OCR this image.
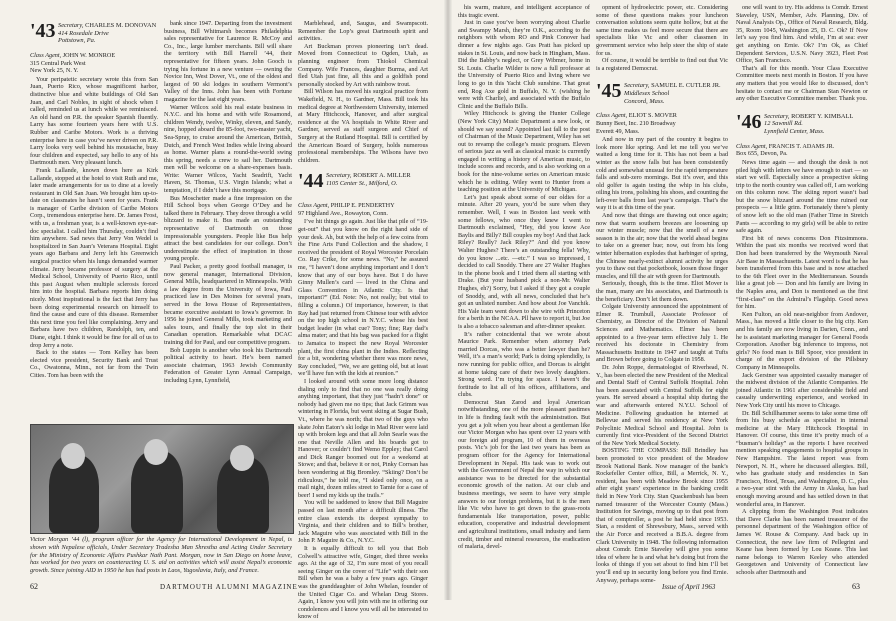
'43 Secretary, CHARLES M. DONOVAN
414 Rosedale Drive
Pottstown, Pa.
Class Agent, JOHN W. MONROE
315 Central Park West
New York 25, N. Y.

Your peripatetic secretary wrote this from San Juan, Puerto Rico, whose magnificent harbor, distinctive blue and white buildings of Old San Juan, and Carl Nobles, in sight of shock when I called, reminded us at lunch while we reminisced. An old hand on P.R. the speaker Spanish fluently. Larry has some fourteen years here with U.S. Rubber and Caribe Motors. Work is a thriving enterprise here in case you’ve never driven on P.R. Larry looks very well behind his moustache, busy four children and expected, say hello to any of his Dartmouth men. Very pleasant lunch.

Frank Lallande, known down here as Kirk Lallande, stopped at the hotel to visit Ruth and me, later made arrangements for us to dine at a lovely restaurant in Old San Juan. We brought him up-to-date on classmates he hasn’t seen for years. Frank is manager of Caribe division of Caribe Motors Corp., tremendous enterprise here. Dr. James Frost, with us, a freshman year, is a well-known eye-ear-doc specialist. I called him Thursday, couldn’t find him anywhere. Sad news that Jerry Von Wedel is hospitalized in San Juan’s Veterans Hospital. Eight years ago Barbara and Jerry left his Greenwich surgical practice when his lungs demanded warmer climate. Jerry became professor of surgery at the Medical School, University of Puerto Rico, until this past August when multiple sclerosis forced him into the hospital. Barbara reports him doing nicely. Most inspirational is the fact that Jerry has been doing experimental research on himself to find the cause and cure of this disease. Remember this next time you feel like complaining. Jerry and Barbara have two children, Randolph, ten, and Diane, eight. I think it would be fine for all of us to drop Jerry a note.

Back to the states — Tom Kelley has been elected vice president, Security Bank and Trust Co., Owatonna, Minn., not far from the Twin Cities. Tom has been with the

bank since 1947. Departing from the investment business, Bill Whitmarsh becomes Philadelphia sales representative for Laurence R. McCoy and Co., Inc., large lumber merchants. Bill will share the territory with Bill Harrell ’44, their representative for fifteen years. John Gooch is trying his fortune in a new venture — owning the Novice Inn, West Dover, Vt., one of the oldest and largest of 90 ski lodges in southern Vermont’s Valley of the Inns. John has been with Fortune magazine for the last eight years.

Warner Wilcox sold his real estate business in N.Y.C. and his home and with wife Rosamond, children Wendy, twelve, Winky, eleven, and Sandy, nine, hopped aboard the 85-foot, two-master yacht, Sea-Spray, to cruise around the American, British, Dutch, and French West Indies while living aboard as home. Warner plans a round-the-world swing this spring, needs a crew to sail her. Dartmouth men will be welcome on a share-expenses basis. Write: Warner Wilcox, Yacht Seadrift, Yacht Haven, St. Thomas, U.S. Virgin Islands; what a temptation, if I didn’t have this mortgage.

Bus Moschetter made a fine impression on the Hill School boys when George O’Dey and he talked there in February. They drove through a wild blizzard to make it. Bus made an outstanding representative of Dartmouth on those impressionable youngsters. People like Bus help attract the best candidates for our college. Don’t underestimate the effect of inspiration in those young people.

Paul Packer, a pretty good football manager, is now general manager, International Division, General Mills, headquartered in Minneapolis. With a law degree from the University of Iowa, Paul practiced law in Des Moines for several years, served in the Iowa House of Representatives, became executive assistant to Iowa’s governor. In 1956 he joined General Mills, took marketing and sales tours, and finally the top slot in their Canadian operation. Remarkable what DCAC training did for Paul, and our competitive program.

Bob Luppin is another who took his Dartmouth political activity to heart. He’s been named associate chairman, 1963 Jewish Community Federation of Greater Lynn Annual Campaign, including Lynn, Lynnfield,

Marblehead, and, Saugus, and Swampscott. Remember the Lop’s great Dartmouth spirit and activities.

Art Buckman proves pioneering isn’t dead. Moved from Connecticut to Ogden, Utah, as planning engineer from Thiokol Chemical Company. Wife Frances, daughter Burma, and Art fled Utah just fine, all this and a goldfish pond personally stocked by Art with rainbow trout.

Bill Wilson has moved his surgical practice from Wakefield, N. H., to Gardner, Mass. Bill took his medical degree at Northwestern University, interned at Mary Hitchcock, Hanover, and after surgical residence at the VA hospitals in White River and Gardner, served as staff surgeon and Chief of Surgery at the Rutland Hospital. Bill is certified by the American Board of Surgery, holds numerous professional memberships. The Wilsons have two children.

'44 Secretary, ROBERT A. MILLER
1105 Center St., Milford, O.
Class Agent, PHILIP E. PENDERTHY
97 Highland Ave., Rowayton, Conn.

I’ve hit things go again. Just like that pile of “19-get-out” that you know on the right hand side of your desk. Ah, but with the help of a few coins from the Fine Arts Fund Collection and the shadow, I received the president of Royal Worcester Porcelain Co. Ray Crike, for some news. “No,” he assured me, “I haven’t done anything important and I don’t know that any of our boys have. But I do have Ginny Mullen’s card — lived in the China and Glass Convention in Atlantic City. Is that important?” (Ed. Note: No, not really; but vital to filling a column.) Of importance, however, is that Ray had just returned from Chinese tour with advice on the top high school in N.Y.C. whose his best budget leader (in what cue? Tony; fine; Ray dad’s alma mater; and that his bag was packed for a flight to Jamaica to inspect the new Royal Worcester plant, the first china plant in the Indies. Reflecting for a bit, wondering whether there was more news, Ray concluded, “We, we are getting old, but at least we’ll have fun with the kids at reunion.”

I looked around with some more long distance dialing only to find that no one was really doing anything important, that they just “hadn’t done” or nobody had given me no tips; that Jack Grimm was wintering in Florida, but went skiing at Sugar Bush, Vt., where he was north; that two of the guys who skate John Eaton’s ski lodge in Mad River were laid up with broken legs and that all John Searle was the one that Neville Allen and his boards got to Hanover; or couldn’t find Wemo Eppley; that Carol and Dick Ranger boomed out for a weekend at Stowe; and that, believe it or not, Pinky Corrsan has been wondering at Big Bromley. “Skiing? Don’t be ridiculous,” he told me, “I skied only once, on a mail night, dozen miles street to Tamie for a case of beer! I send my kids up the trails.”

You will be saddened to know that Bill Maguire passed on last month after a difficult illness. The entire class extends its deepest sympathy to Virginia, and their children and to Bill’s brother, Jack Maguire who was associated with Bill in the John P. Maguire & Co., N.Y.C.

It is equally difficult to tell you that Bob Colwell’s attractive wife, Ginger, died three weeks ago. At the age of 32, I’m sure most of you recall seeing Ginger on the cover of “Life” with their son Bill when he was a baby a few years ago. Ginger was the granddaughter of John Whelan, founder of the United Cigar Co. and Whelan Drug Stores. Again, I know you will join with me in offering our condolences and I know you will all be interested to know of

Victor Morgan ’44 (l), program officer for the Agency for International Development in Nepal, is shown with Nepalese officials, Under Secretary Tradesha Man Shrestha and Acting Under Secretary for the Ministry of Economic Affairs Pushkar Nath Pant. Morgan, now in San Diego on home leave, has worked for two years on counteracting U. S. aid on activities which will assist Nepal’s economic growth. Since joining AID in 1950 he has had posts in Laos, Yugoslavia, Italy, and France.
62	DARTMOUTH ALUMNI MAGAZINE

his warm, mature, and intelligent acceptance of this tragic event.

Just in case you’ve been worrying about Charlie and Swampy Marsh, they’re O.K., according to the neighbors with whom RO and Pink Conover had dinner a few nights ago. Gus Pratt has picked up stakes in St. Louis, and now back in Hingham, Mass. Did the Babby’s neglect, or Grey Wibmer, home in St. Louis. Charlie Wilder is now a full professor at the University of Puerto Rico and living where we long to go in this Yacht Club sunshine. That great end, Rog Axe gold in Buffalo, N. Y. (wishing he were with Charlie), and associated with the Buffalo Clinic and the Buffalo Bills.

Wiley Hitchcock is giving the Hunter College (New York City) Music Department a new look, or should we say sound? Appointed last fall to the post of Chairman of the Music Department, Wiley has set out to revamp the college’s music program. Eleven of serious jazz as well as classical music is currently engaged in writing a history of American music, to include scores and records, and is also working on a book for the nine-volume series on American music which he is editing. Wiley went to Hunter from a teaching position at the University of Michigan.

Let’s just speak about some of our oldies for a minute. After 20 years, you’d be sure when they remember. Well, I was in Boston last week with some fellows, who once they knew I went to Dartmouth exclaimed, “Hey, did you know Ace Baylis and Billy? Bill couples my boy! And that Jack Riley? Really? Jack Riley?” And did you know Walter Hughes? There’s an outstanding fella! Why, do you know ...etc. —etc.” I was so impressed, I decided to call Snoddy. There are 27 Walter Hughes in the phone book and I tried them all starting with Drake. (But your husband pick a non-Mr. Walter Hughes, eh?) Sorry, but I asked if they got a couple of Snoddy, and, with all news, concluded that he’s got an unlisted number. And how about Joe Vanchik. His Yale team went down to she wire with Princeton for a berth in the NCAA. Pll have to report it, but Joe is also a tobacco salesman and after-dinner speaker.

It’s rather coincidental that we wrote about Maurice Park. Remember when attorney Park married Dorcas, who was a better lawyer than he? Well, it’s a man’s world; Park is doing splendidly, is now running for public office, and Dorcas is alright at home taking care of their two lovely daughters. Strong word. I’m trying for space. I haven’t the fortitude to list all of his offices, affiliations, and clubs.

Democrat Stan Zarod and loyal American notwithstanding, one of the more pleasant pastimes in life is finding fault with the administration. But you get a jolt when you hear about a gentleman like our Victor Morgan who has spent over 12 years with our foreign aid program, 10 of them in overseas posts. Vic’s job for the last two years has been as program officer for the Agency for International Development in Nepal. His task was to work out with the Government of Nepal the way in which our assistance was to be directed for the substantial economic growth of the nation. At our club and business meetings, we seem to have very simple answers to our foreign problems, but it is the men like Vic who have to get down to the grass-roots fundamentals like transportation, power, public education, cooperative and industrial development and agricultural institutions, small industry and farm credit, timber and mineral resources, the eradication of malaria, devel-

opment of hydroelectric power, etc. Considering some of these questions makes your luncheon conversation solutions seem quite hollow, but at the same time makes us feel more secure that there are specialists like Vic and other classmen in government service who help steer the ship of state for us.

Of course, it would be terrible to find out that Vic is a registered Democrat.

'45 Secretary, SAMUEL E. CUTLER JR.
Middlesex School
Concord, Mass.
Class Agent, ELIOT S. MOVER
Bunny Beet, Inc. 210 Broadway
Everett 49, Mass.

And now in my part of the country it begins to look more like spring. And let me tell you we’ve waited a long time for it. This has not been a bad winter as the snow falls but has been consistently cold and somewhat unusual for the rapid temperature falls and sub-zero mornings. But it’s over, and this old golfer is again testing the whip in his clubs, oiling his irons, polishing his shoes, and counting the left-over balls from last year’s campaign. That’s the way it is at this time of the year.

And now that things are thawing out once again; now that warm southern breezes are loosening up our winter muscle; now that the smell of a new season is in the air; now that the world ahead begins to take on a greener hue; now, out from his long winter hibernation explodes that harbinger of spring, the Chinese nearly-extinct alumni activity he urges you to thaw out that pocketbook, loosen those finger muscles, and fill the air with green for Dartmouth.

Seriously, though, this is the time. Eliot Mover is the man, many are his associates, and Dartmouth is the beneficiary. Don’t let them down.

Colgate University announced the appointment of Elmer R. Trumbull, Associate Professor of Chemistry, as Director of the Division of Natural Sciences and Mathematics. Elmer has been appointed to a five-year term effective July 1. He received his doctorate in Chemistry from Massachusetts Institute in 1947 and taught at Tufts and Brown before going to Colgate in 1958.

Dr. John Roppe, dermatologist of Riverhead, N. Y., has been elected the new President of the Medical and Dental Staff of Central Suffolk Hospital. John has been associated with Central Suffolk for eight years. He served aboard a hospital ship during the war and afterwards entered N.Y.U. School of Medicine. Following graduation he interned at Bellevue and served his residency at New York Polyclinic Medical School and Hospital. John is currently first vice-President of the Second District of the New York Medical Society.

BOSTING THE COMPASS: Bill Brindley has been promoted to vice president of the Meadow Brook National Bank. Now manager of the bank’s Rockefeller Center office, Bill, a Merrick, N. Y., resident, has been with Meadow Brook since 1955 after eight years’ experience in the banking credit field in New York City. Stan Quackenbush has been named treasurer of the Worcester County (Mass.) Institution for Savings, moving up to that post from that of comptroller, a post he had held since 1953. Stan, a resident of Shrewsbury, Mass., served with the Air Force and received a B.B.A. degree from Clark University in 1948. The following information about Comdr. Ernie Staveley will give you some idea of where he is and what he’s doing but from the looks of things if you set about to find him I’ll bet you’ll end up in security long before you find Ernie. Anyway, perhaps some-

one will want to try. His address is Comdr. Ernest Staveley, USN, Member, Adv. Planning, Div. of Naval Analysis Op., Office of Naval Research, Bldg. 35, Room 1045, Washington 25, D. C. Ok? If Now let’s say you find him. And while, I’m at sea: ever get anything on Ernie. Ok? I’m Ok, as Chief Dependent Services, U.S.N. Navy 3923, Fleet Post Office, San Francisco.

That’s all for this month. Your Class Executive Committee meets next month in Boston. If you have any matters that you would like to discussed, don’t hesitate to contact me or Chairman Stan Newton or any other Executive Committee member. Thank you.

'46 Secretary, ROBERT Y. KIMBALL
12 Sawmill Rd.
Lynnfield Center, Mass.
Class Agent, FRANCIS T. ADAMS JR.
Box 655, Devon, Pa.

News time again — and though the desk is not piled high with letters we have enough to start — so start we will. Especially since a prospective skiing trip to the north country was called off, I am working on this column now. The skiing report wasn’t bad but the snow blizzard around the time ruined our prospects — a little grim. Fortunately there’s plenty of snow left so the old man (Father Time in Stretch Pants — according to my girls) will be able to retire safe again.

First bit of news concerns Don Fitzsimmons. Within the past six months we received word that Don had been transferred by the Weymouth Naval Air Base in Massachusetts. Latest word is that he has been transferred from this base and is now attached to the 6th Fleet over in the Mediterranean. Sounds like a great job — Don and his family are living in the Naples area, and Don is mentioned as the first “first-class” on the Admiral’s Flagship. Good news for him.

Ken Fulton, an old near-neighbor from Andover, Mass., has moved a little closer to the big city. Ken and his family are now living in Darien, Conn., and he is assistant marketing manager for General Foods Corporation. Another big inference to impress, not girls? No food man is Bill Spoor, vice president in charge of the export division of the Pillsbury Company in Minneapolis.

Jack Gerstner was appointed casualty manager of the midwest division of the Atlantic Companies. He joined Atlantic in 1961 after considerable field and casualty underwriting experience, and worked in New York City until his move to Chicago.

Dr. Bill Schillhammer seems to take some time off from his busy schedule as specialist in internal medicine at the Mary Hitchcock Hospital in Hanover. Of course, this time it’s pretty much of a “busman’s holiday” as the reports I have received mention speaking engagements to hospital groups in New Hampshire. The latest report was from Newport, N. H., where he discussed allergies. Bill, who has graduate study and residencies in San Francisco, Hood, Texas, and Washington, D. C., plus a two-year stint with the Army in Alaska, has had enough moving around and has settled down in that wonderful area, in Hanover.

A clipping from the Washington Post indicates that Dave Clarke has been named treasurer of the personnel department of the Washington office of James W. Rouse & Company. And back up in Connecticut, the new law firm of Pellegrini and Keane has been formed by Lou Keane. This last name belongs to Warren Keeley who attended Georgetown and University of Connecticut law schools after Dartmouth and

Issue of April 1963	63
